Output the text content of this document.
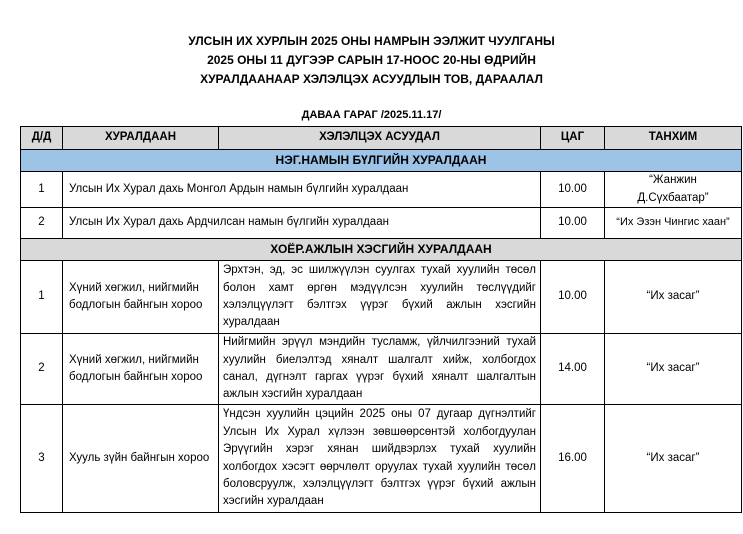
УЛСЫН ИХ ХУРЛЫН 2025 ОНЫ НАМРЫН ЭЭЛЖИТ ЧУУЛГАНЫ
2025 ОНЫ 11 ДУГЭЭР САРЫН 17-НООС 20-НЫ ӨДРИЙН
ХУРАЛДААНААР ХЭЛЭЛЦЭХ АСУУДЛЫН ТОВ, ДАРААЛАЛ
ДАВАА ГАРАГ /2025.11.17/
Д/Д	ХУРАЛДААН	ХЭЛЭЛЦЭХ АСУУДАЛ	ЦАГ	ТАНХИМ
НЭГ.НАМЫН БҮЛГИЙН ХУРАЛДААН				
1	Улсын Их Хурал дахь Монгол Ардын намын бүлгийн хуралдаан		10.00	“Жанжин Д.Сүхбаатар”
2	Улсын Их Хурал дахь Ардчилсан намын бүлгийн хуралдаан		10.00	“Их Эзэн Чингис хаан”
ХОЁР.АЖЛЫН ХЭСГИЙН ХУРАЛДААН				
1	Хүний хөгжил, нийгмийн бодлогын байнгын хороо	Эрхтэн, эд, эс шилжүүлэн суулгах тухай хуулийн төсөл болон хамт өргөн мэдүүлсэн хуулийн төслүүдийг хэлэлцүүлэгт бэлтгэх үүрэг бүхий ажлын хэсгийн хуралдаан	10.00	“Их засаг”
2	Хүний хөгжил, нийгмийн бодлогын байнгын хороо	Нийгмийн эрүүл мэндийн тусламж, үйлчилгээний тухай хуулийн биелэлтэд хяналт шалгалт хийж, холбогдох санал, дүгнэлт гаргах үүрэг бүхий хяналт шалгалтын ажлын хэсгийн хуралдаан	14.00	“Их засаг”
3	Хууль зүйн байнгын хороо	Үндсэн хуулийн цэцийн 2025 оны 07 дугаар дүгнэлтийг Улсын Их Хурал хүлээн зөвшөөрсөнтэй холбогдуулан Эрүүгийн хэрэг хянан шийдвэрлэх тухай хуулийн холбогдох хэсэгт өөрчлөлт оруулах тухай хуулийн төсөл боловсруулж, хэлэлцүүлэгт бэлтгэх үүрэг бүхий ажлын хэсгийн хуралдаан	16.00	“Их засаг”
